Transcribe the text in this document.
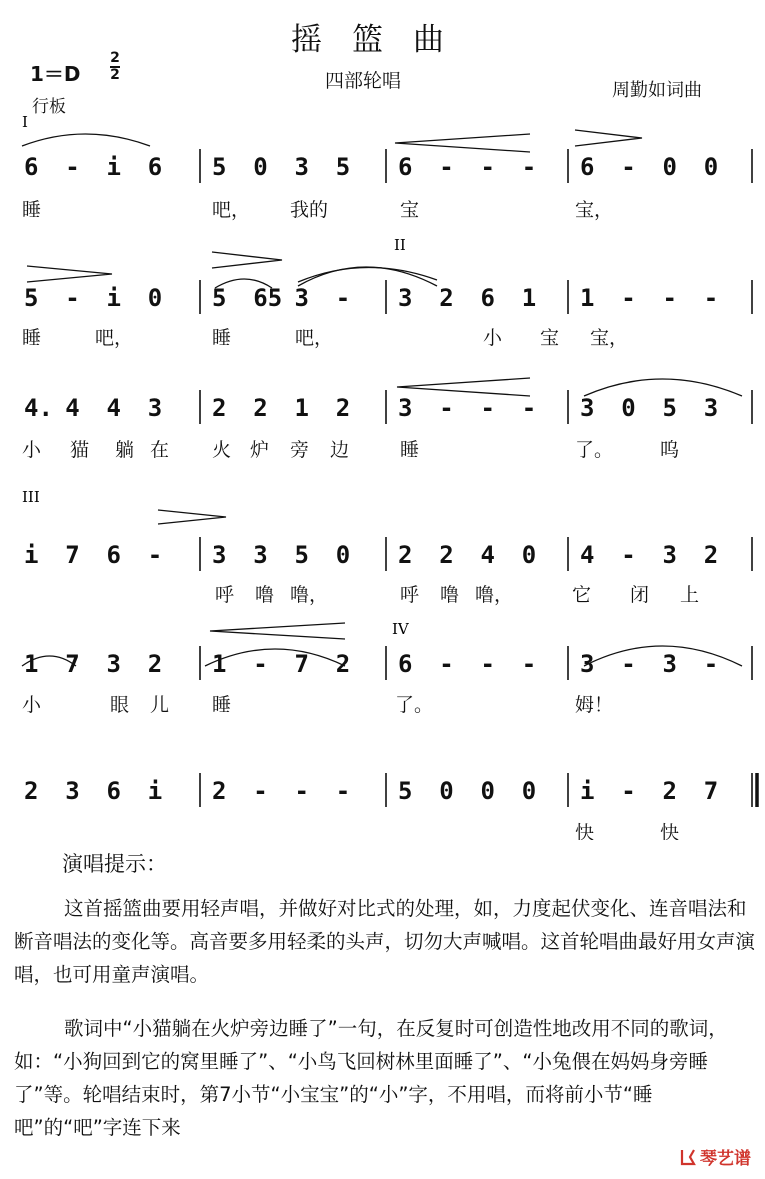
摇篮曲
1＝D
2
2
行板
四部轮唱	周勤如词曲
I
II
III
IV
6 - i 6 5 0 3 5 6 - - - 6 - 0 0
睡	吧， 我的	宝	宝，
5 - i 0 5 65 3 - 3 2 6 1 1 - - -
睡	吧，	睡	吧，	小 宝 宝，
4. 4 4 3 2 2 1 2 3 - - - 3 0 5 3
小 猫 躺 在 火 炉 旁 边	睡	了。 呜
i 7 6 - 3 3 5 0 2 2 4 0 4 - 3 2
呼 噜 噜，	呼 噜 噜，	它 闭 上
1 7 3 2 1 - 7 2 6 - - - 3 - 3 -
小	眼 儿 睡	了。	姆！
2 3 6 i 2 - - - 5 0 0 0 i - 2 7
快	快
演唱提示：
这首摇篮曲要用轻声唱，并做好对比式的处理，如，力度起伏变化、连音唱法和断音唱法的变化等。高音要多用轻柔的头声，切勿大声喊唱。这首轮唱曲最好用女声演唱，也可用童声演唱。
歌词中“小猫躺在火炉旁边睡了”一句，在反复时可创造性地改用不同的歌词，如：“小狗回到它的窝里睡了”、“小鸟飞回树林里面睡了”、“小兔偎在妈妈身旁睡了”等。轮唱结束时，第7小节“小宝宝”的“小”字，不用唱，而将前小节“睡吧”的“吧”字连下来
琴艺谱
